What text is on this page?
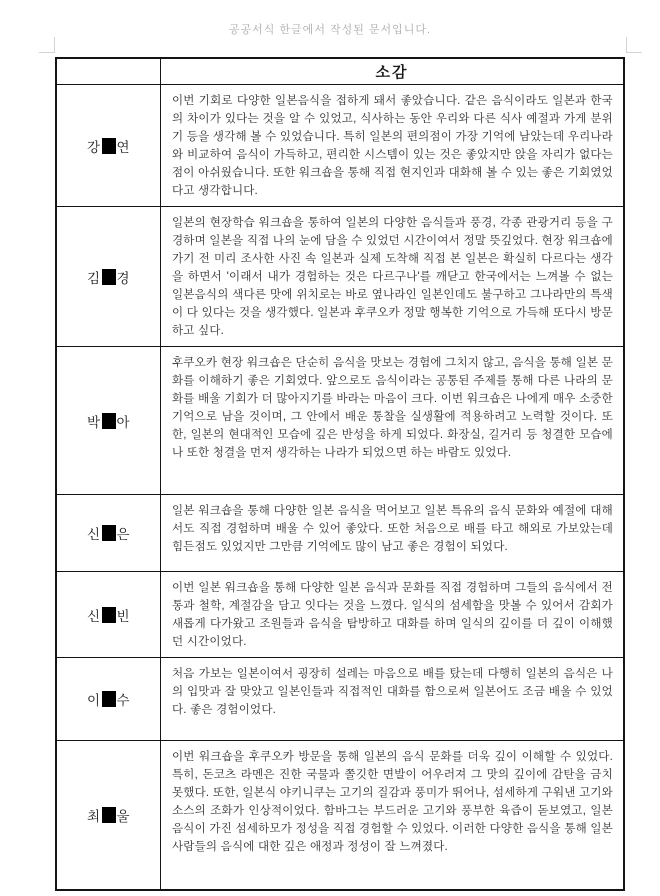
공공서식 한글에서 작성된 문서입니다.
소감
강 연
이번 기회로 다양한 일본음식을 접하게 돼서 좋았습니다. 같은 음식이라도 일본과 한국의 차이가 있다는 것을 알 수 있었고, 식사하는 동안 우리와 다른 식사 예절과 가게 분위기 등을 생각해 볼 수 있었습니다. 특히 일본의 편의점이 가장 기억에 남았는데 우리나라와 비교하여 음식이 가득하고, 편리한 시스템이 있는 것은 좋았지만 앉을 자리가 없다는 점이 아쉬웠습니다. 또한 워크숍을 통해 직접 현지인과 대화해 볼 수 있는 좋은 기회였었다고 생각합니다.
김 경
일본의 현장학습 워크숍을 통하여 일본의 다양한 음식들과 풍경, 각종 관광거리 등을 구경하며 일본을 직접 나의 눈에 담을 수 있었던 시간이여서 정말 뜻깊었다. 현장 워크숍에 가기 전 미리 조사한 사진 속 일본과 실제 도착해 직접 본 일본은 확실히 다르다는 생각을 하면서 '이래서 내가 경험하는 것은 다르구나'를 깨닫고 한국에서는 느껴볼 수 없는 일본음식의 색다른 맛에 위치로는 바로 옆나라인 일본인데도 불구하고 그나라만의 특색이 다 있다는 것을 생각했다. 일본과 후쿠오카 정말 행복한 기억으로 가득해 또다시 방문하고 싶다.
박 아
후쿠오카 현장 워크숍은 단순히 음식을 맛보는 경험에 그치지 않고, 음식을 통해 일본 문화를 이해하기 좋은 기회였다. 앞으로도 음식이라는 공통된 주제를 통해 다른 나라의 문화를 배울 기회가 더 많아지기를 바라는 마음이 크다. 이번 워크숍은 나에게 매우 소중한 기억으로 남을 것이며, 그 안에서 배운 통찰을 실생활에 적용하려고 노력할 것이다. 또한, 일본의 현대적인 모습에 깊은 반성을 하게 되었다. 화장실, 길거리 등 청결한 모습에 나 또한 청결을 먼저 생각하는 나라가 되었으면 하는 바람도 있었다.
신 은
일본 워크숍을 통해 다양한 일본 음식을 먹어보고 일본 특유의 음식 문화와 예절에 대해서도 직접 경험하며 배울 수 있어 좋았다. 또한 처음으로 배를 타고 해외로 가보았는데 힘든점도 있었지만 그만큼 기억에도 많이 남고 좋은 경험이 되었다.
신 빈
이번 일본 워크숍을 통해 다양한 일본 음식과 문화를 직접 경험하며 그들의 음식에서 전통과 철학, 계절감을 담고 잇다는 것을 느꼈다. 일식의 섬세함을 맛볼 수 있어서 감회가 새롭게 다가왔고 조원들과 음식을 탐방하고 대화를 하며 일식의 깊이를 더 깊이 이해했던 시간이었다.
이 수
처음 가보는 일본이여서 굉장히 설레는 마음으로 배를 탔는데 다행히 일본의 음식은 나의 입맛과 잘 맞았고 일본인들과 직접적인 대화를 함으로써 일본어도 조금 배울 수 있었다. 좋은 경험이었다.
최 울
이번 워크숍을 후쿠오카 방문을 통해 일본의 음식 문화를 더욱 깊이 이해할 수 있었다. 특히, 돈코츠 라멘은 진한 국물과 쫄깃한 면발이 어우러져 그 맛의 깊이에 감탄을 금치 못했다. 또한, 일본식 야키니쿠는 고기의 질감과 풍미가 뛰어나, 섬세하게 구워낸 고기와 소스의 조화가 인상적이었다. 함바그는 부드러운 고기와 풍부한 육즙이 돋보였고, 일본 음식이 가진 섬세하모가 정성을 직접 경험할 수 있었다. 이러한 다양한 음식을 통해 일본 사람들의 음식에 대한 깊은 애정과 정성이 잘 느껴졌다.
